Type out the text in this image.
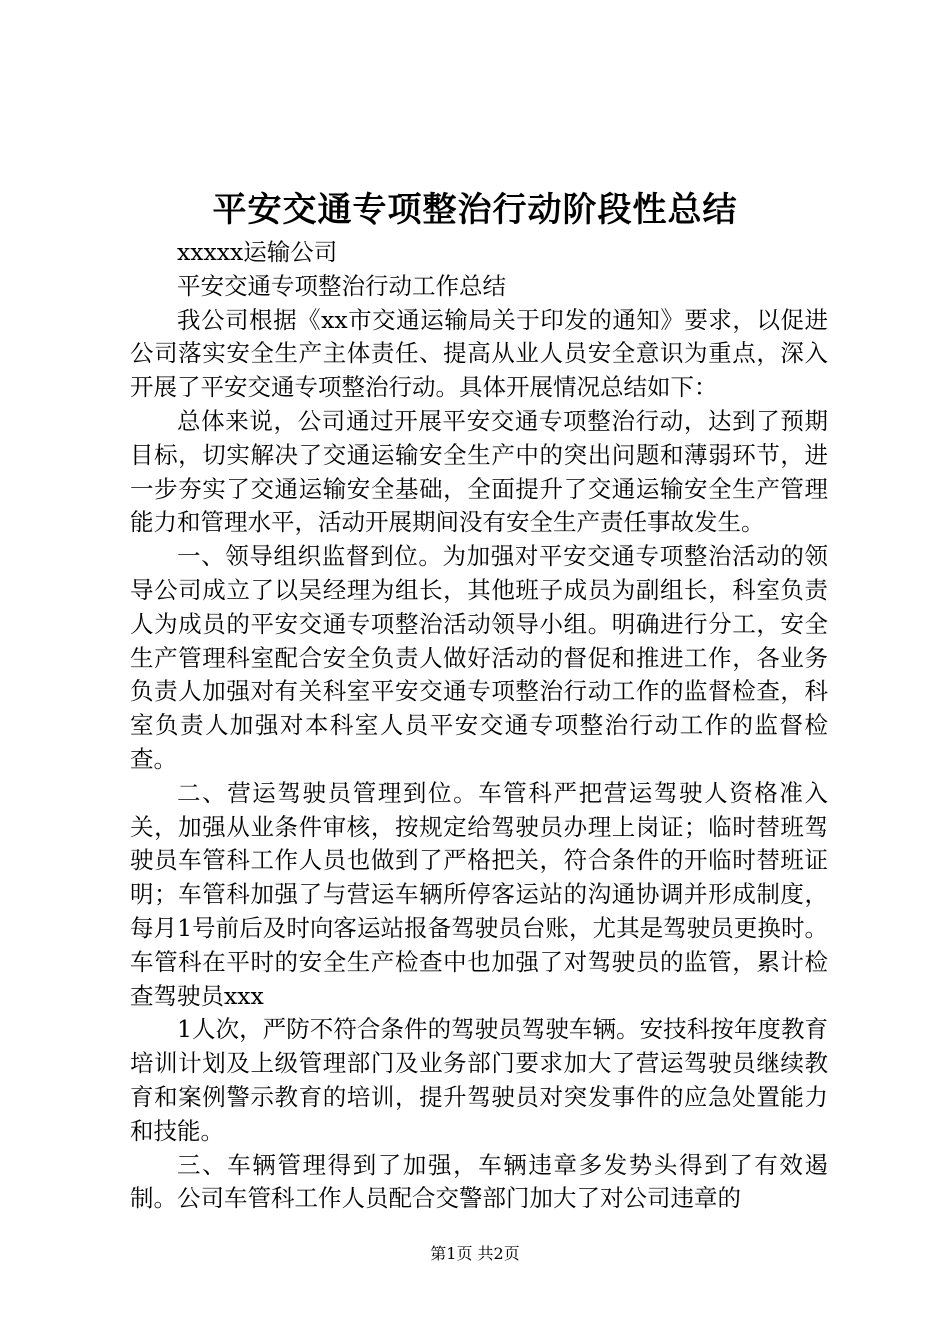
平安交通专项整治行动阶段性总结

xxxxx运输公司

平安交通专项整治行动工作总结

我公司根据《xx市交通运输局关于印发的通知》要求，以促进公司落实安全生产主体责任、提高从业人员安全意识为重点，深入开展了平安交通专项整治行动。具体开展情况总结如下：

总体来说，公司通过开展平安交通专项整治行动，达到了预期目标，切实解决了交通运输安全生产中的突出问题和薄弱环节，进一步夯实了交通运输安全基础，全面提升了交通运输安全生产管理能力和管理水平，活动开展期间没有安全生产责任事故发生。

一、领导组织监督到位。为加强对平安交通专项整治活动的领导公司成立了以吴经理为组长，其他班子成员为副组长，科室负责人为成员的平安交通专项整治活动领导小组。明确进行分工，安全生产管理科室配合安全负责人做好活动的督促和推进工作，各业务负责人加强对有关科室平安交通专项整治行动工作的监督检查，科室负责人加强对本科室人员平安交通专项整治行动工作的监督检查。

二、营运驾驶员管理到位。车管科严把营运驾驶人资格准入关，加强从业条件审核，按规定给驾驶员办理上岗证；临时替班驾驶员车管科工作人员也做到了严格把关，符合条件的开临时替班证明；车管科加强了与营运车辆所停客运站的沟通协调并形成制度，每月1号前后及时向客运站报备驾驶员台账，尤其是驾驶员更换时。车管科在平时的安全生产检查中也加强了对驾驶员的监管，累计检查驾驶员xxx

1人次，严防不符合条件的驾驶员驾驶车辆。安技科按年度教育培训计划及上级管理部门及业务部门要求加大了营运驾驶员继续教育和案例警示教育的培训，提升驾驶员对突发事件的应急处置能力和技能。

三、车辆管理得到了加强，车辆违章多发势头得到了有效遏制。公司车管科工作人员配合交警部门加大了对公司违章的

第1页 共2页
